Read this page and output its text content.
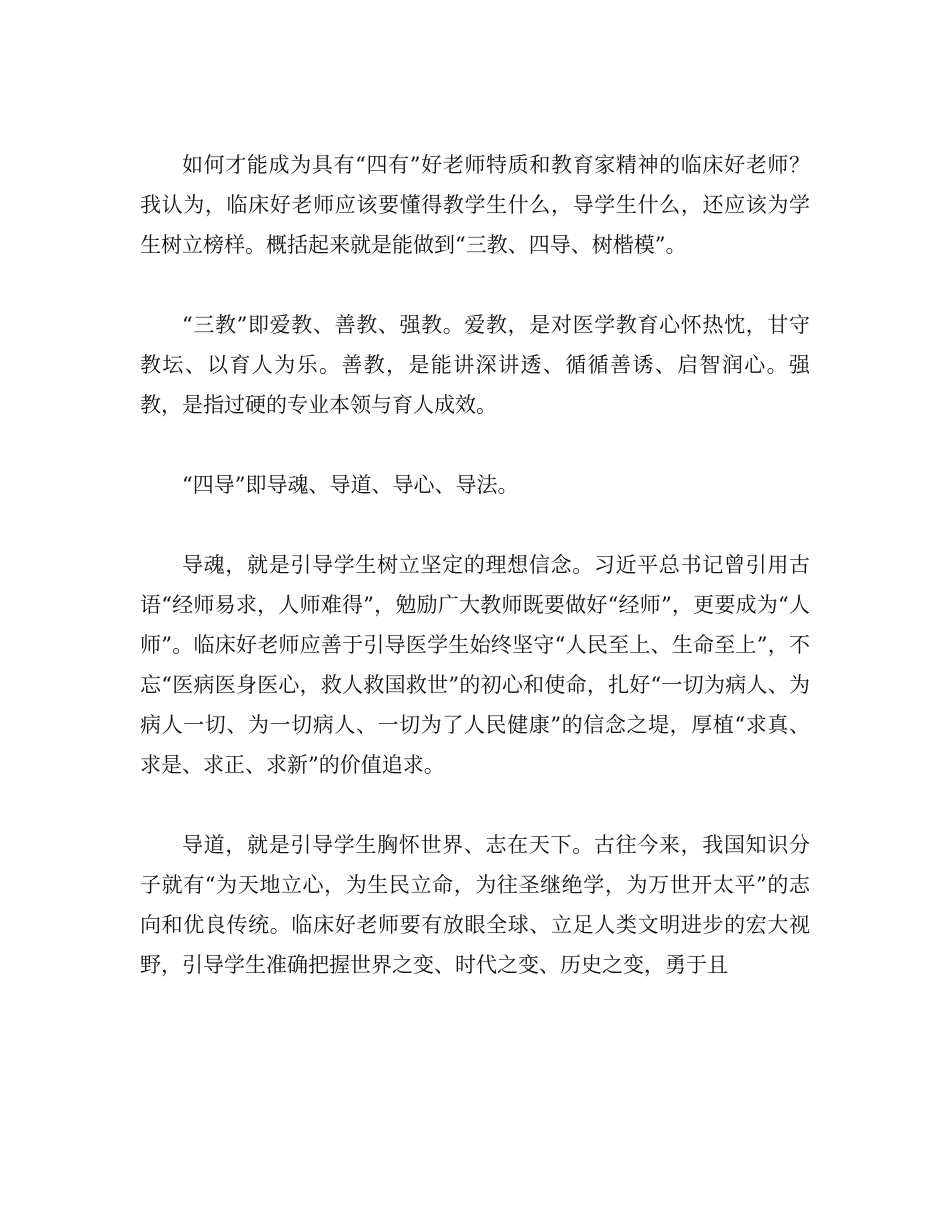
如何才能成为具有“四有”好老师特质和教育家精神的临床好老师？我认为，临床好老师应该要懂得教学生什么，导学生什么，还应该为学生树立榜样。概括起来就是能做到“三教、四导、树楷模”。

“三教”即爱教、善教、强教。爱教，是对医学教育心怀热忱，甘守教坛、以育人为乐。善教，是能讲深讲透、循循善诱、启智润心。强教，是指过硬的专业本领与育人成效。

“四导”即导魂、导道、导心、导法。

导魂，就是引导学生树立坚定的理想信念。习近平总书记曾引用古语“经师易求，人师难得”，勉励广大教师既要做好“经师”，更要成为“人师”。临床好老师应善于引导医学生始终坚守“人民至上、生命至上”，不忘“医病医身医心，救人救国救世”的初心和使命，扎好“一切为病人、为病人一切、为一切病人、一切为了人民健康”的信念之堤，厚植“求真、求是、求正、求新”的价值追求。

导道，就是引导学生胸怀世界、志在天下。古往今来，我国知识分子就有“为天地立心，为生民立命，为往圣继绝学，为万世开太平”的志向和优良传统。临床好老师要有放眼全球、立足人类文明进步的宏大视野，引导学生准确把握世界之变、时代之变、历史之变，勇于且
